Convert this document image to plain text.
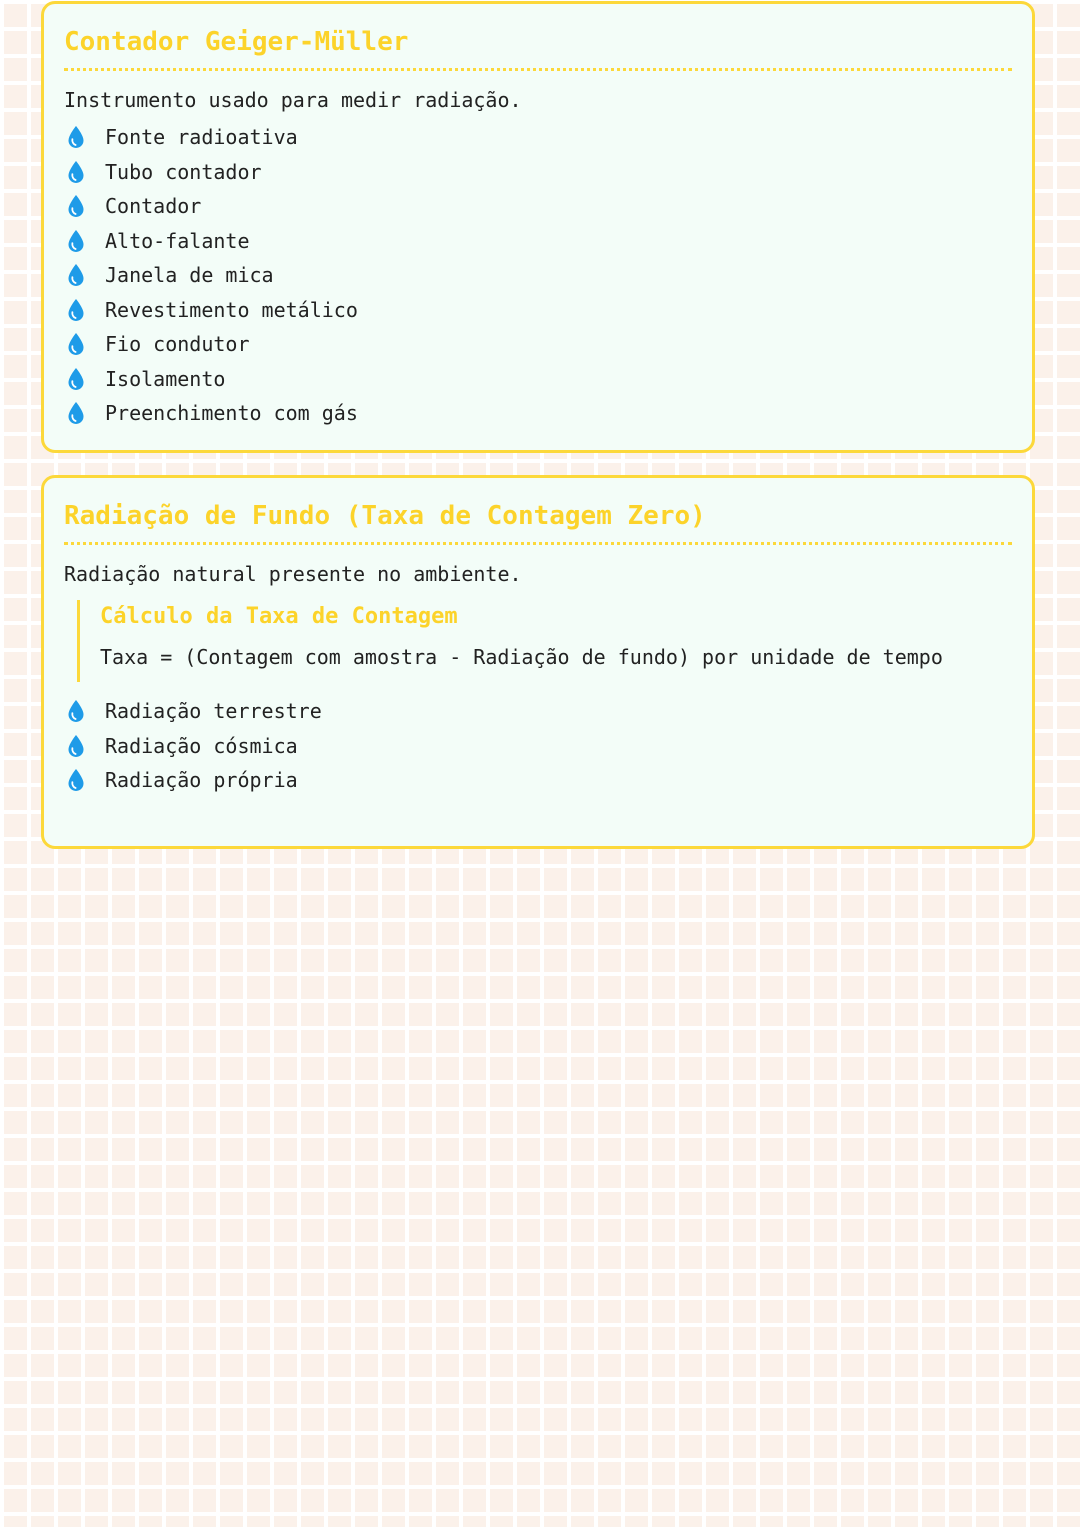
Contador Geiger-Müller

Instrumento usado para medir radiação.

Fonte radioativa
Tubo contador
Contador
Alto-falante
Janela de mica
Revestimento metálico
Fio condutor
Isolamento
Preenchimento com gás
Radiação de Fundo (Taxa de Contagem Zero)

Radiação natural presente no ambiente.

Cálculo da Taxa de Contagem

Taxa = (Contagem com amostra - Radiação de fundo) por unidade de tempo

Radiação terrestre
Radiação cósmica
Radiação própria
